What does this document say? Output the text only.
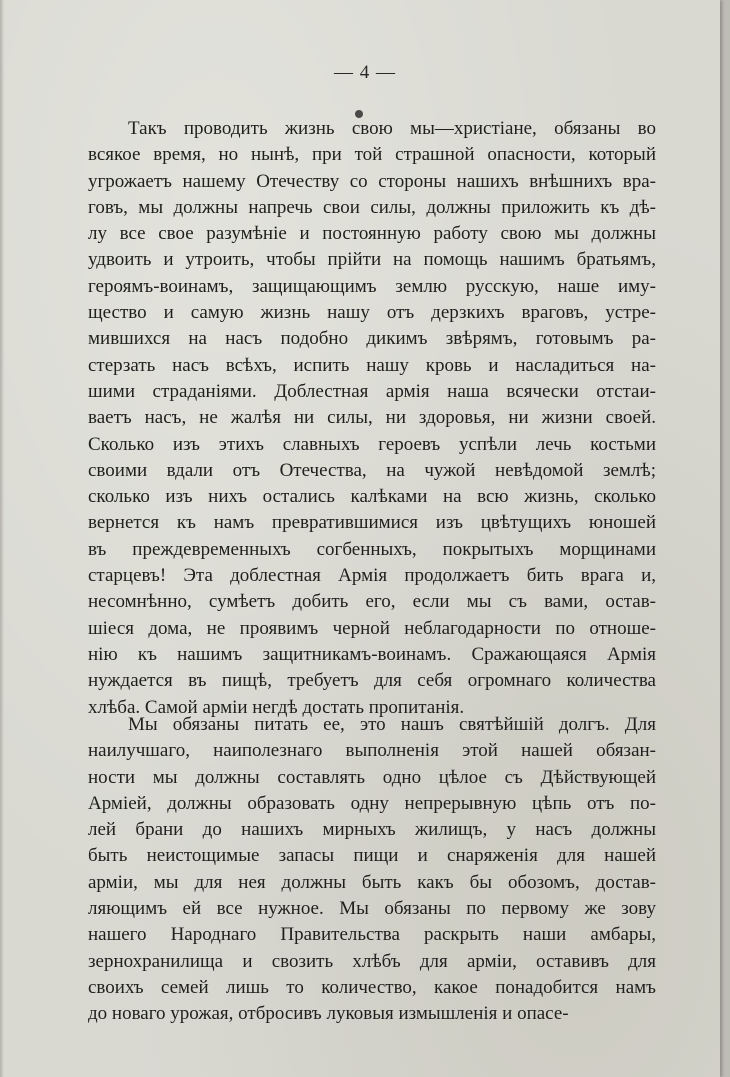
— 4 —
Такъ проводить жизнь свою мы—христiане, обязаны во
всякое время, но нынѣ, при той страшной опасности, который
угрожаетъ нашему Отечеству со стороны нашихъ внѣшнихъ вра-
говъ, мы должны напречь свои силы, должны приложить къ дѣ-
лу все свое разумѣнiе и постоянную работу свою мы должны
удвоить и утроить, чтобы прiйти на помощь нашимъ братьямъ,
героямъ-воинамъ, защищающимъ землю русскую, наше иму-
щество и самую жизнь нашу отъ дерзкихъ враговъ, устре-
мившихся на насъ подобно дикимъ звѣрямъ, готовымъ ра-
стерзать насъ всѣхъ, испить нашу кровь и насладиться на-
шими страданiями. Доблестная армiя наша всячески отстаи-
ваетъ насъ, не жалѣя ни силы, ни здоровья, ни жизни своей.
Сколько изъ этихъ славныхъ героевъ успѣли лечь костьми
своими вдали отъ Отечества, на чужой невѣдомой землѣ;
сколько изъ нихъ остались калѣками на всю жизнь, сколько
вернется къ намъ превратившимися изъ цвѣтущихъ юношей
въ преждевременныхъ согбенныхъ, покрытыхъ морщинами
старцевъ! Эта доблестная Армiя продолжаетъ бить врага и,
несомнѣнно, сумѣетъ добить его, если мы съ вами, остав-
шiеся дома, не проявимъ черной неблагодарности по отноше-
нiю къ нашимъ защитникамъ-воинамъ. Сражающаяся Армiя
нуждается въ пищѣ, требуетъ для себя огромнаго количества
хлѣба. Самой армiи негдѣ достать пропитанiя.
Мы обязаны питать ее, это нашъ святѣйшiй долгъ. Для
наилучшаго, наиполезнаго выполненiя этой нашей обязан-
ности мы должны составлять одно цѣлое съ Дѣйствующей
Армiей, должны образовать одну непрерывную цѣпь отъ по-
лей брани до нашихъ мирныхъ жилищъ, у насъ должны
быть неистощимые запасы пищи и снаряженiя для нашей
армiи, мы для нея должны быть какъ бы обозомъ, достав-
ляющимъ ей все нужное. Мы обязаны по первому же зову
нашего Народнаго Правительства раскрыть наши амбары,
зернохранилища и свозить хлѣбъ для армiи, оставивъ для
своихъ семей лишь то количество, какое понадобится намъ
до новаго урожая, отбросивъ луковыя измышленiя и опасе-
